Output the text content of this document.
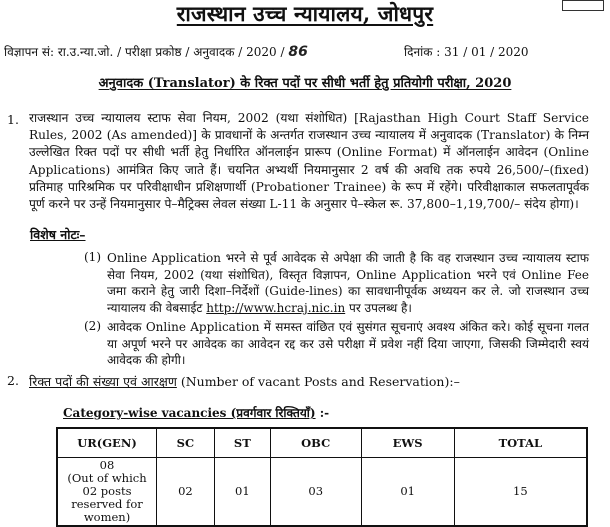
राजस्थान उच्च न्यायालय, जोधपुर
विज्ञापन सं: रा.उ.न्या.जो. / परीक्षा प्रकोष्ठ / अनुवादक / 2020 / 86	दिनांक : 31 / 01 / 2020
अनुवादक (Translator) के रिक्त पदों पर सीधी भर्ती हेतु प्रतियोगी परीक्षा, 2020
1. राजस्थान उच्च न्यायालय स्टाफ सेवा नियम, 2002 (यथा संशोधित) [Rajasthan High Court Staff Service Rules, 2002 (As amended)] के प्रावधानों के अन्तर्गत राजस्थान उच्च न्यायालय में अनुवादक (Translator) के निम्न उल्लेखित रिक्त पदों पर सीधी भर्ती हेतु निर्धारित ऑनलाईन प्रारूप (Online Format) में ऑनलाईन आवेदन (Online Applications) आमंत्रित किए जाते हैं। चयनित अभ्यर्थी नियमानुसार 2 वर्ष की अवधि तक रुपये 26,500/–(fixed) प्रतिमाह पारिश्रमिक पर परिवीक्षाधीन प्रशिक्षणार्थी (Probationer Trainee) के रूप में रहेंगे। परिवीक्षाकाल सफलतापूर्वक पूर्ण करने पर उन्हें नियमानुसार पे–मैट्रिक्स लेवल संख्या L-11 के अनुसार पे–स्केल रू. 37,800–1,19,700/– संदेय होगा)।
विशेष नोटः–
(1) Online Application भरने से पूर्व आवेदक से अपेक्षा की जाती है कि वह राजस्थान उच्च न्यायालय स्टाफ सेवा नियम, 2002 (यथा संशोधित), विस्तृत विज्ञापन, Online Application भरने एवं Online Fee जमा कराने हेतु जारी दिशा–निर्देशों (Guide-lines) का सावधानीपूर्वक अध्ययन कर ले. जो राजस्थान उच्च न्यायालय की वेबसाईट http://www.hcraj.nic.in पर उपलब्ध है।
(2) आवेदक Online Application में समस्त वांछित एवं सुसंगत सूचनाएं अवश्य अंकित करे। कोई सूचना गलत या अपूर्ण भरने पर आवेदक का आवेदन रद्द कर उसे परीक्षा में प्रवेश नहीं दिया जाएगा, जिसकी जिम्मेदारी स्वयं आवेदक की होगी।
2. रिक्त पदों की संख्या एवं आरक्षण (Number of vacant Posts and Reservation):–
Category-wise vacancies (प्रवर्गवार रिक्तियॉं) :-
UR(GEN)	SC	ST	OBC	EWS	TOTAL

08
(Out of which 02 posts reserved for women)	02	01	03	01	15
